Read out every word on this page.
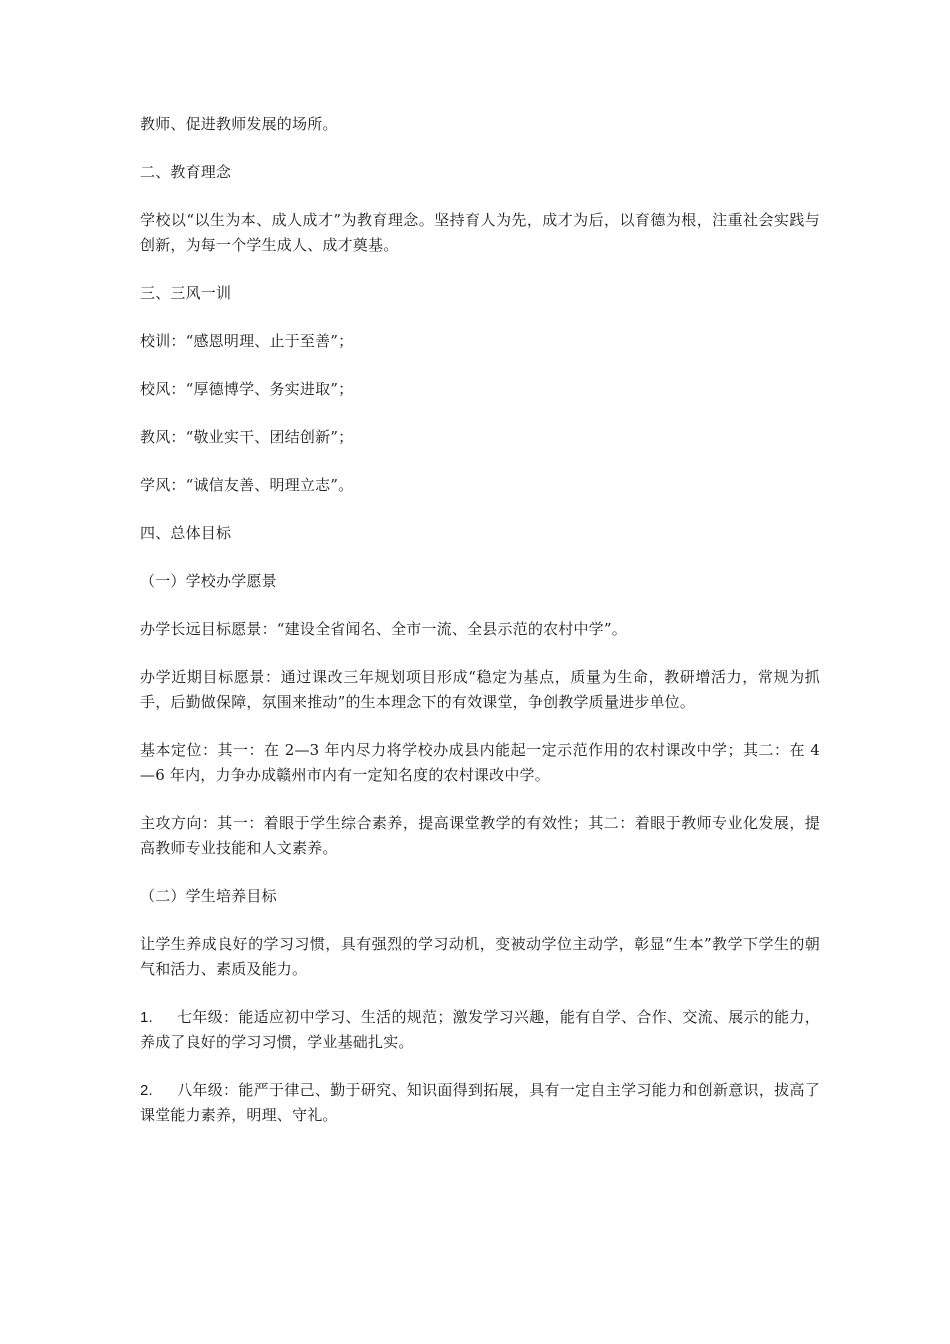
教师、促进教师发展的场所。

二、教育理念

学校以“以生为本、成人成才”为教育理念。坚持育人为先，成才为后，以育德为根，注重社会实践与创新，为每一个学生成人、成才奠基。

三、三风一训

校训：“感恩明理、止于至善”；

校风：“厚德博学、务实进取”；

教风：“敬业实干、团结创新”；

学风：“诚信友善、明理立志”。

四、总体目标

（一）学校办学愿景

办学长远目标愿景：“建设全省闻名、全市一流、全县示范的农村中学”。

办学近期目标愿景：通过课改三年规划项目形成“稳定为基点，质量为生命，教研增活力，常规为抓手，后勤做保障，氛围来推动”的生本理念下的有效课堂，争创教学质量进步单位。

基本定位：其一：在 2—3 年内尽力将学校办成县内能起一定示范作用的农村课改中学；其二：在 4—6 年内，力争办成赣州市内有一定知名度的农村课改中学。

主攻方向：其一：着眼于学生综合素养，提高课堂教学的有效性；其二：着眼于教师专业化发展，提高教师专业技能和人文素养。

（二）学生培养目标

让学生养成良好的学习习惯，具有强烈的学习动机，变被动学位主动学，彰显“生本”教学下学生的朝气和活力、素质及能力。

1. 七年级：能适应初中学习、生活的规范；激发学习兴趣，能有自学、合作、交流、展示的能力，养成了良好的学习习惯，学业基础扎实。

2. 八年级：能严于律己、勤于研究、知识面得到拓展，具有一定自主学习能力和创新意识，拔高了课堂能力素养，明理、守礼。
